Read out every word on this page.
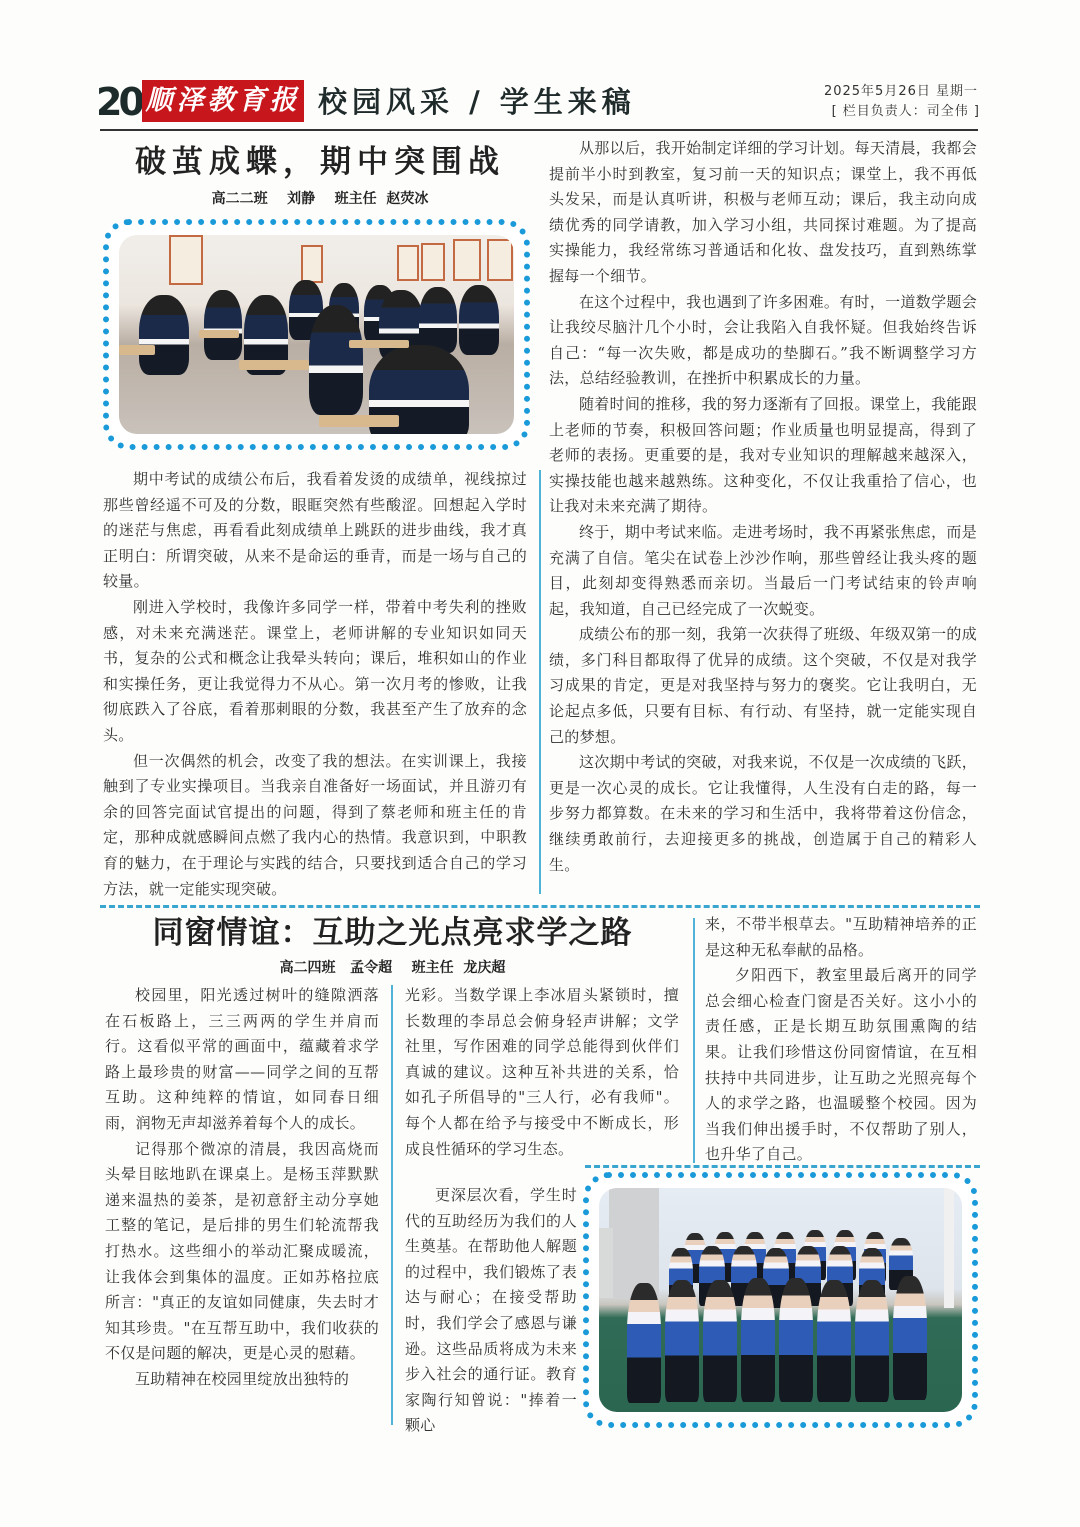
20 顺泽教育报 校园风采 / 学生来稿	2025年5月26日 星期一
[ 栏目负责人：司全伟 ]
破茧成蝶，期中突围战
高二二班    刘静    班主任  赵荧冰

期中考试的成绩公布后，我看着发烫的成绩单，视线掠过那些曾经遥不可及的分数，眼眶突然有些酸涩。回想起入学时的迷茫与焦虑，再看看此刻成绩单上跳跃的进步曲线，我才真正明白：所谓突破，从来不是命运的垂青，而是一场与自己的较量。

刚进入学校时，我像许多同学一样，带着中考失利的挫败感，对未来充满迷茫。课堂上，老师讲解的专业知识如同天书，复杂的公式和概念让我晕头转向；课后，堆积如山的作业和实操任务，更让我觉得力不从心。第一次月考的惨败，让我彻底跌入了谷底，看着那刺眼的分数，我甚至产生了放弃的念头。

但一次偶然的机会，改变了我的想法。在实训课上，我接触到了专业实操项目。当我亲自准备好一场面试，并且游刃有余的回答完面试官提出的问题，得到了蔡老师和班主任的肯定，那种成就感瞬间点燃了我内心的热情。我意识到，中职教育的魅力，在于理论与实践的结合，只要找到适合自己的学习方法，就一定能实现突破。

从那以后，我开始制定详细的学习计划。每天清晨，我都会提前半小时到教室，复习前一天的知识点；课堂上，我不再低头发呆，而是认真听讲，积极与老师互动；课后，我主动向成绩优秀的同学请教，加入学习小组，共同探讨难题。为了提高实操能力，我经常练习普通话和化妆、盘发技巧，直到熟练掌握每一个细节。

在这个过程中，我也遇到了许多困难。有时，一道数学题会让我绞尽脑汁几个小时，会让我陷入自我怀疑。但我始终告诉自己：“每一次失败，都是成功的垫脚石。”我不断调整学习方法，总结经验教训，在挫折中积累成长的力量。

随着时间的推移，我的努力逐渐有了回报。课堂上，我能跟上老师的节奏，积极回答问题；作业质量也明显提高，得到了老师的表扬。更重要的是，我对专业知识的理解越来越深入，实操技能也越来越熟练。这种变化，不仅让我重拾了信心，也让我对未来充满了期待。

终于，期中考试来临。走进考场时，我不再紧张焦虑，而是充满了自信。笔尖在试卷上沙沙作响，那些曾经让我头疼的题目，此刻却变得熟悉而亲切。当最后一门考试结束的铃声响起，我知道，自己已经完成了一次蜕变。

成绩公布的那一刻，我第一次获得了班级、年级双第一的成绩，多门科目都取得了优异的成绩。这个突破，不仅是对我学习成果的肯定，更是对我坚持与努力的褒奖。它让我明白，无论起点多低，只要有目标、有行动、有坚持，就一定能实现自己的梦想。

这次期中考试的突破，对我来说，不仅是一次成绩的飞跃，更是一次心灵的成长。它让我懂得，人生没有白走的路，每一步努力都算数。在未来的学习和生活中，我将带着这份信念，继续勇敢前行，去迎接更多的挑战，创造属于自己的精彩人生。

同窗情谊：互助之光点亮求学之路
高二四班   孟令超    班主任  龙庆超

校园里，阳光透过树叶的缝隙洒落在石板路上，三三两两的学生并肩而行。这看似平常的画面中，蕴藏着求学路上最珍贵的财富——同学之间的互帮互助。这种纯粹的情谊，如同春日细雨，润物无声却滋养着每个人的成长。

记得那个微凉的清晨，我因高烧而头晕目眩地趴在课桌上。是杨玉萍默默递来温热的姜茶，是初意舒主动分享她工整的笔记，是后排的男生们轮流帮我打热水。这些细小的举动汇聚成暖流，让我体会到集体的温度。正如苏格拉底所言："真正的友谊如同健康，失去时才知其珍贵。"在互帮互助中，我们收获的不仅是问题的解决，更是心灵的慰藉。

互助精神在校园里绽放出独特的

光彩。当数学课上李冰眉头紧锁时，擅长数理的李昂总会俯身轻声讲解；文学社里，写作困难的同学总能得到伙伴们真诚的建议。这种互补共进的关系，恰如孔子所倡导的"三人行，必有我师"。每个人都在给予与接受中不断成长，形成良性循环的学习生态。

更深层次看，学生时代的互助经历为我们的人生奠基。在帮助他人解题的过程中，我们锻炼了表达与耐心；在接受帮助时，我们学会了感恩与谦逊。这些品质将成为未来步入社会的通行证。教育家陶行知曾说："捧着一颗心

来，不带半根草去。"互助精神培养的正是这种无私奉献的品格。

夕阳西下，教室里最后离开的同学总会细心检查门窗是否关好。这小小的责任感，正是长期互助氛围熏陶的结果。让我们珍惜这份同窗情谊，在互相扶持中共同进步，让互助之光照亮每个人的求学之路，也温暖整个校园。因为当我们伸出援手时，不仅帮助了别人，也升华了自己。
